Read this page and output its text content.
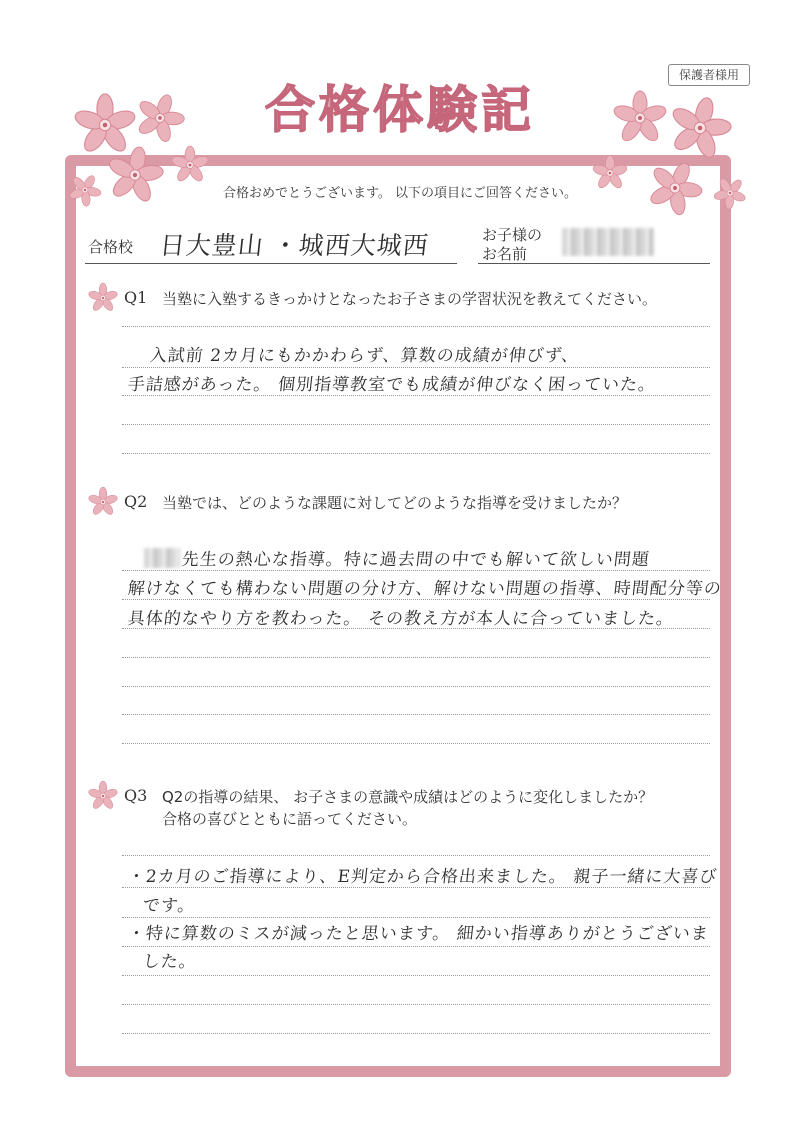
保護者様用
合格体験記
合格おめでとうございます。 以下の項目にご回答ください。
合格校 日大豊山 ・城西大城西	お子様の
お名前
Q1 当塾に入塾するきっかけとなったお子さまの学習状況を教えてください。
入試前 2カ月にもかかわらず、算数の成績が伸びず、
手詰感があった。 個別指導教室でも成績が伸びなく困っていた。
Q2 当塾では、どのような課題に対してどのような指導を受けましたか？
先生の熱心な指導。特に過去問の中でも解いて欲しい問題
解けなくても構わない問題の分け方、解けない問題の指導、時間配分等の
具体的なやり方を教わった。 その教え方が本人に合っていました。
Q3 Q2の指導の結果、 お子さまの意識や成績はどのように変化しましたか？
合格の喜びとともに語ってください。
・2カ月のご指導により、E判定から合格出来ました。 親子一緒に大喜び
です。
・特に算数のミスが減ったと思います。 細かい指導ありがとうございま
した。
